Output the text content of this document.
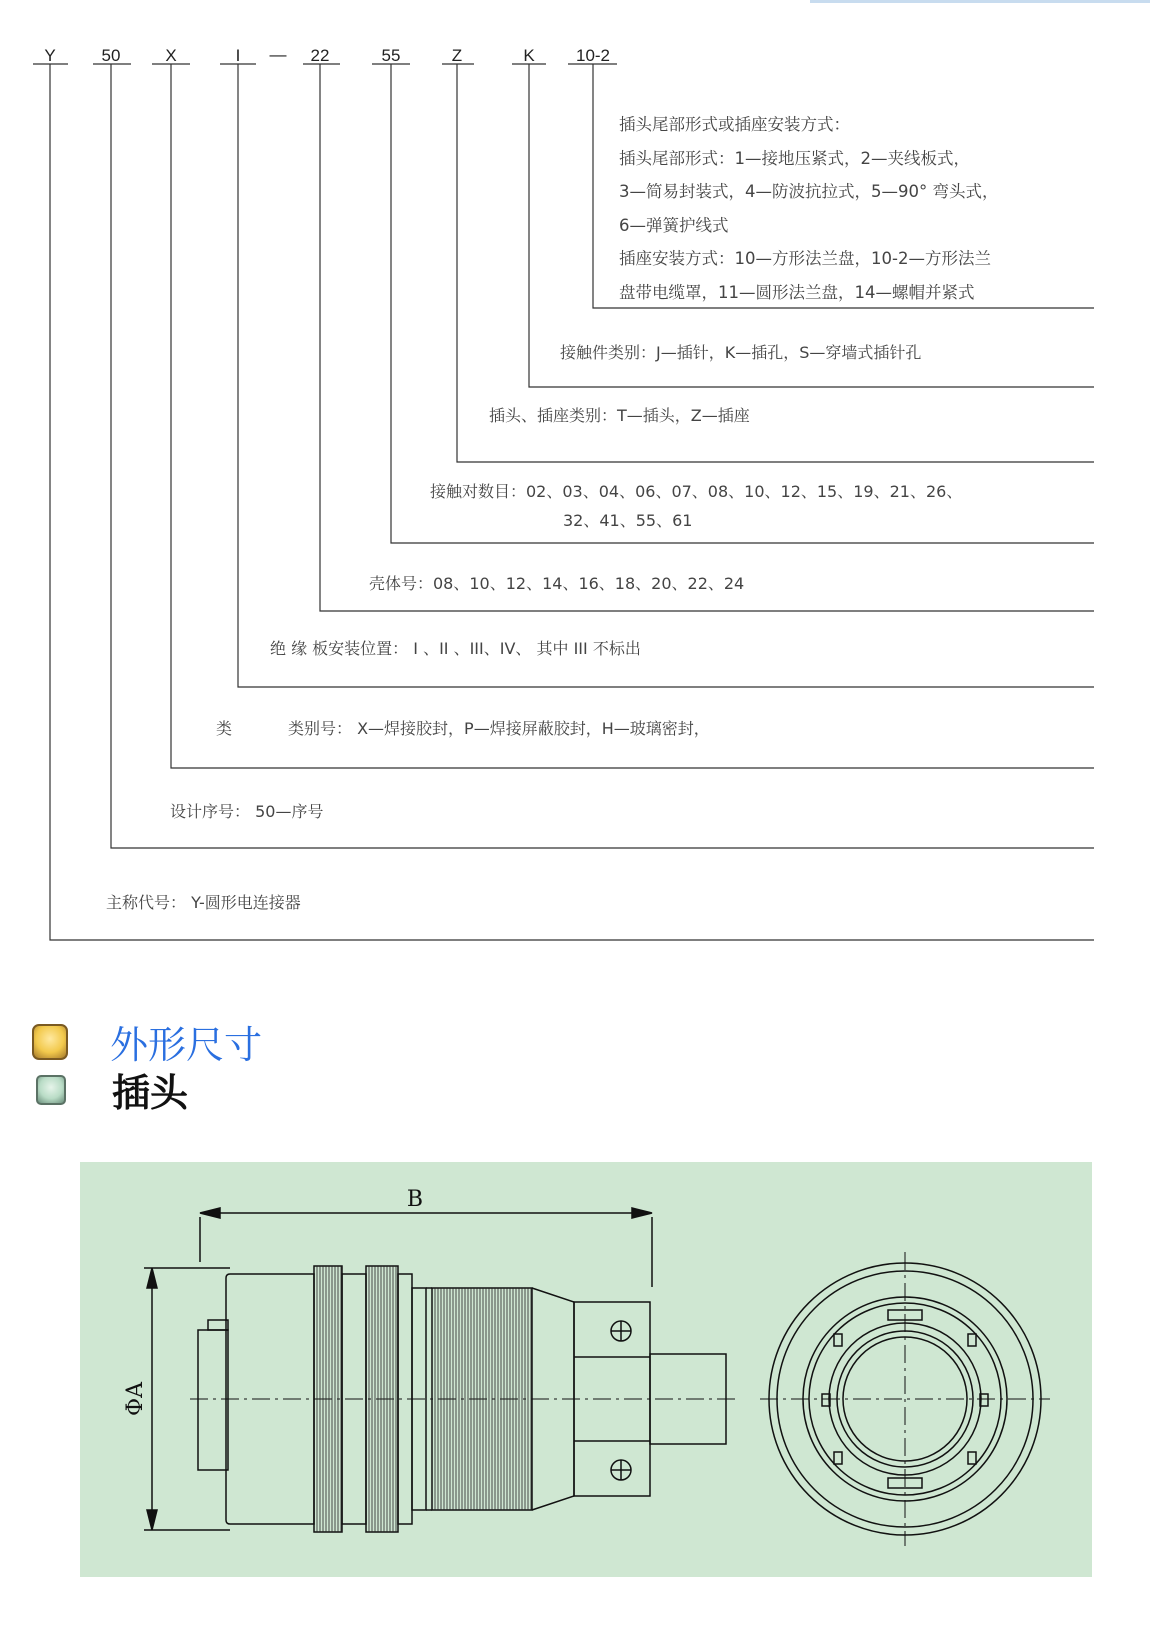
Y	50	X	I	22	55	Z	K 10-2
—
插头尾部形式或插座安装方式：
插头尾部形式：1—接地压紧式，2—夹线板式，
3—简易封装式，4—防波抗拉式，5—90° 弯头式，
6—弹簧护线式
插座安装方式：10—方形法兰盘，10-2—方形法兰
盘带电缆罩，11—圆形法兰盘，14—螺帽并紧式
接触件类别：J—插针，K—插孔，S—穿墙式插针孔
插头、插座类别：T—插头，Z—插座
接触对数目：02、03、04、06、07、08、10、12、15、19、21、26、
32、41、55、61
壳体号：08、10、12、14、16、18、20、22、24
绝 缘 板安装位置： I 、II 、III、IV、 其中 III 不标出
类	类别号： X—焊接胶封，P—焊接屏蔽胶封，H—玻璃密封，
设计序号： 50—序号
主称代号： Y-圆形电连接器
外形尺寸
插头
B
ΦA
